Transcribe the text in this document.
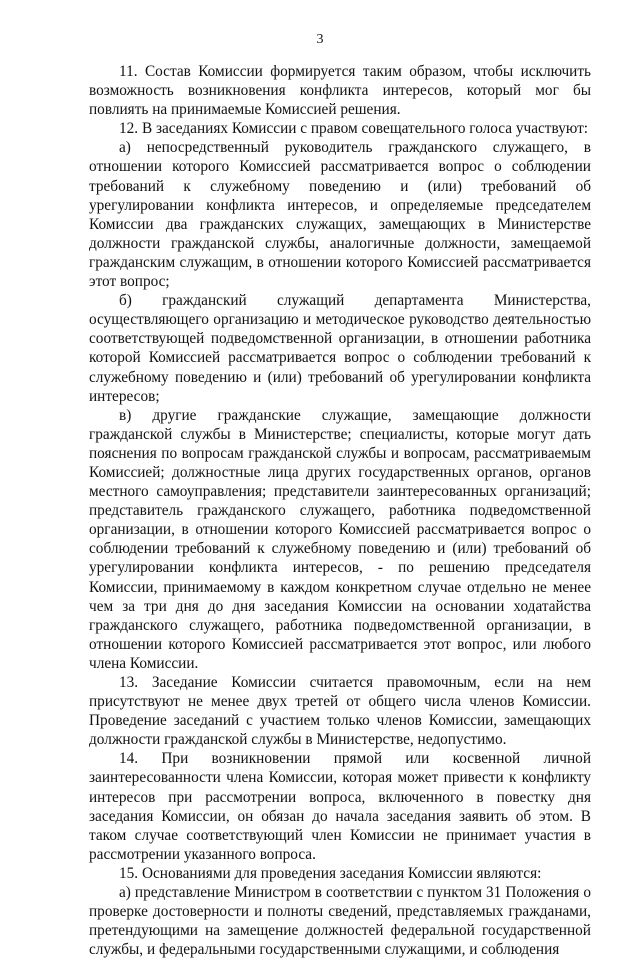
3

11. Состав Комиссии формируется таким образом, чтобы исключить возможность возникновения конфликта интересов, который мог бы повлиять на принимаемые Комиссией решения.

12. В заседаниях Комиссии с правом совещательного голоса участвуют:

а) непосредственный руководитель гражданского служащего, в отношении которого Комиссией рассматривается вопрос о соблюдении требований к служебному поведению и (или) требований об урегулировании конфликта интересов, и определяемые председателем Комиссии два гражданских служащих, замещающих в Министерстве должности гражданской службы, аналогичные должности, замещаемой гражданским служащим, в отношении которого Комиссией рассматривается этот вопрос;

б) гражданский служащий департамента Министерства, осуществляющего организацию и методическое руководство деятельностью соответствующей подведомственной организации, в отношении работника которой Комиссией рассматривается вопрос о соблюдении требований к служебному поведению и (или) требований об урегулировании конфликта интересов;

в) другие гражданские служащие, замещающие должности гражданской службы в Министерстве; специалисты, которые могут дать пояснения по вопросам гражданской службы и вопросам, рассматриваемым Комиссией; должностные лица других государственных органов, органов местного самоуправления; представители заинтересованных организаций; представитель гражданского служащего, работника подведомственной организации, в отношении которого Комиссией рассматривается вопрос о соблюдении требований к служебному поведению и (или) требований об урегулировании конфликта интересов, - по решению председателя Комиссии, принимаемому в каждом конкретном случае отдельно не менее чем за три дня до дня заседания Комиссии на основании ходатайства гражданского служащего, работника подведомственной организации, в отношении которого Комиссией рассматривается этот вопрос, или любого члена Комиссии.

13. Заседание Комиссии считается правомочным, если на нем присутствуют не менее двух третей от общего числа членов Комиссии. Проведение заседаний с участием только членов Комиссии, замещающих должности гражданской службы в Министерстве, недопустимо.

14. При возникновении прямой или косвенной личной заинтересованности члена Комиссии, которая может привести к конфликту интересов при рассмотрении вопроса, включенного в повестку дня заседания Комиссии, он обязан до начала заседания заявить об этом. В таком случае соответствующий член Комиссии не принимает участия в рассмотрении указанного вопроса.

15. Основаниями для проведения заседания Комиссии являются:

а) представление Министром в соответствии с пунктом 31 Положения о проверке достоверности и полноты сведений, представляемых гражданами, претендующими на замещение должностей федеральной государственной службы, и федеральными государственными служащими, и соблюдения
